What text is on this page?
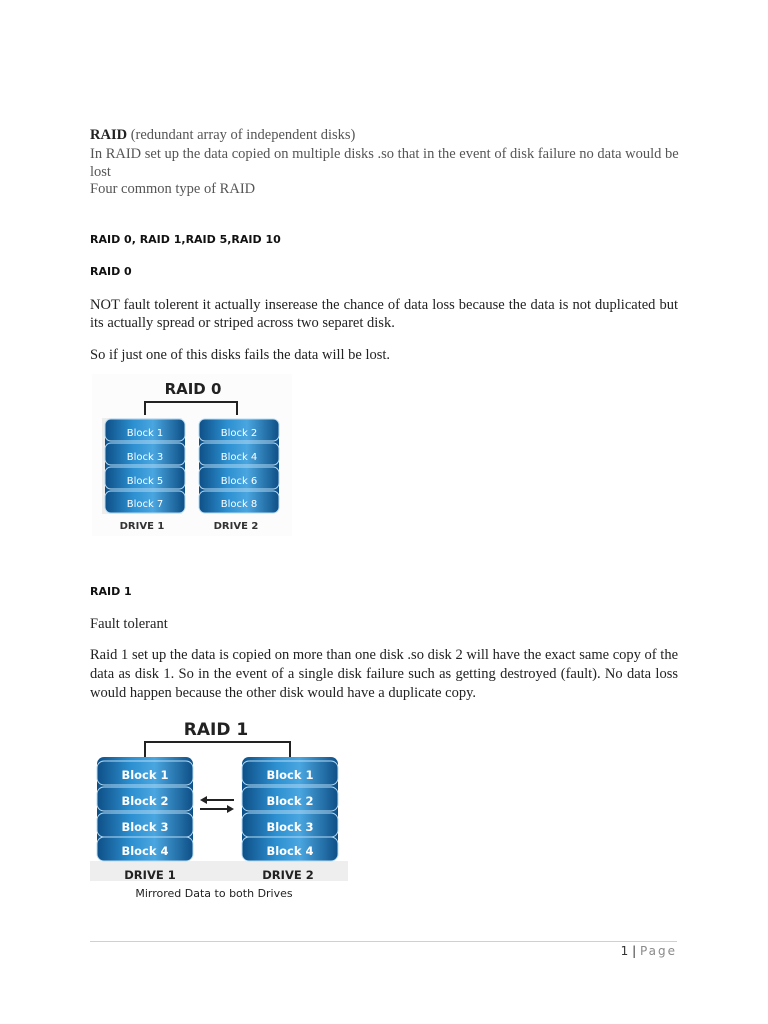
RAID (redundant array of independent disks)
In RAID set up the data copied on multiple disks .so that in the event of disk failure no data would be lost
Four common type of RAID
RAID 0, RAID 1,RAID 5,RAID 10
RAID 0
NOT fault tolerent it actually inserease the chance of data loss because the data is not duplicated but its actually spread or striped across two separet disk.
So if just one of this disks fails the data will be lost.
RAID 0
Block 1
Block 3
Block 5
Block 7
Block 2
Block 4
Block 6
Block 8
DRIVE 1	DRIVE 2
RAID 1
Fault tolerant
Raid 1 set up the data is copied on more than one disk .so disk 2 will have the exact same copy of the data as disk 1. So in the event of a single disk failure such as getting destroyed (fault). No data loss would happen because the other disk would have a duplicate copy.
RAID 1
Block 1
Block 2
Block 3
Block 4
Block 1
Block 2
Block 3
Block 4
DRIVE 1	DRIVE 2
Mirrored Data to both Drives
1 | Page
